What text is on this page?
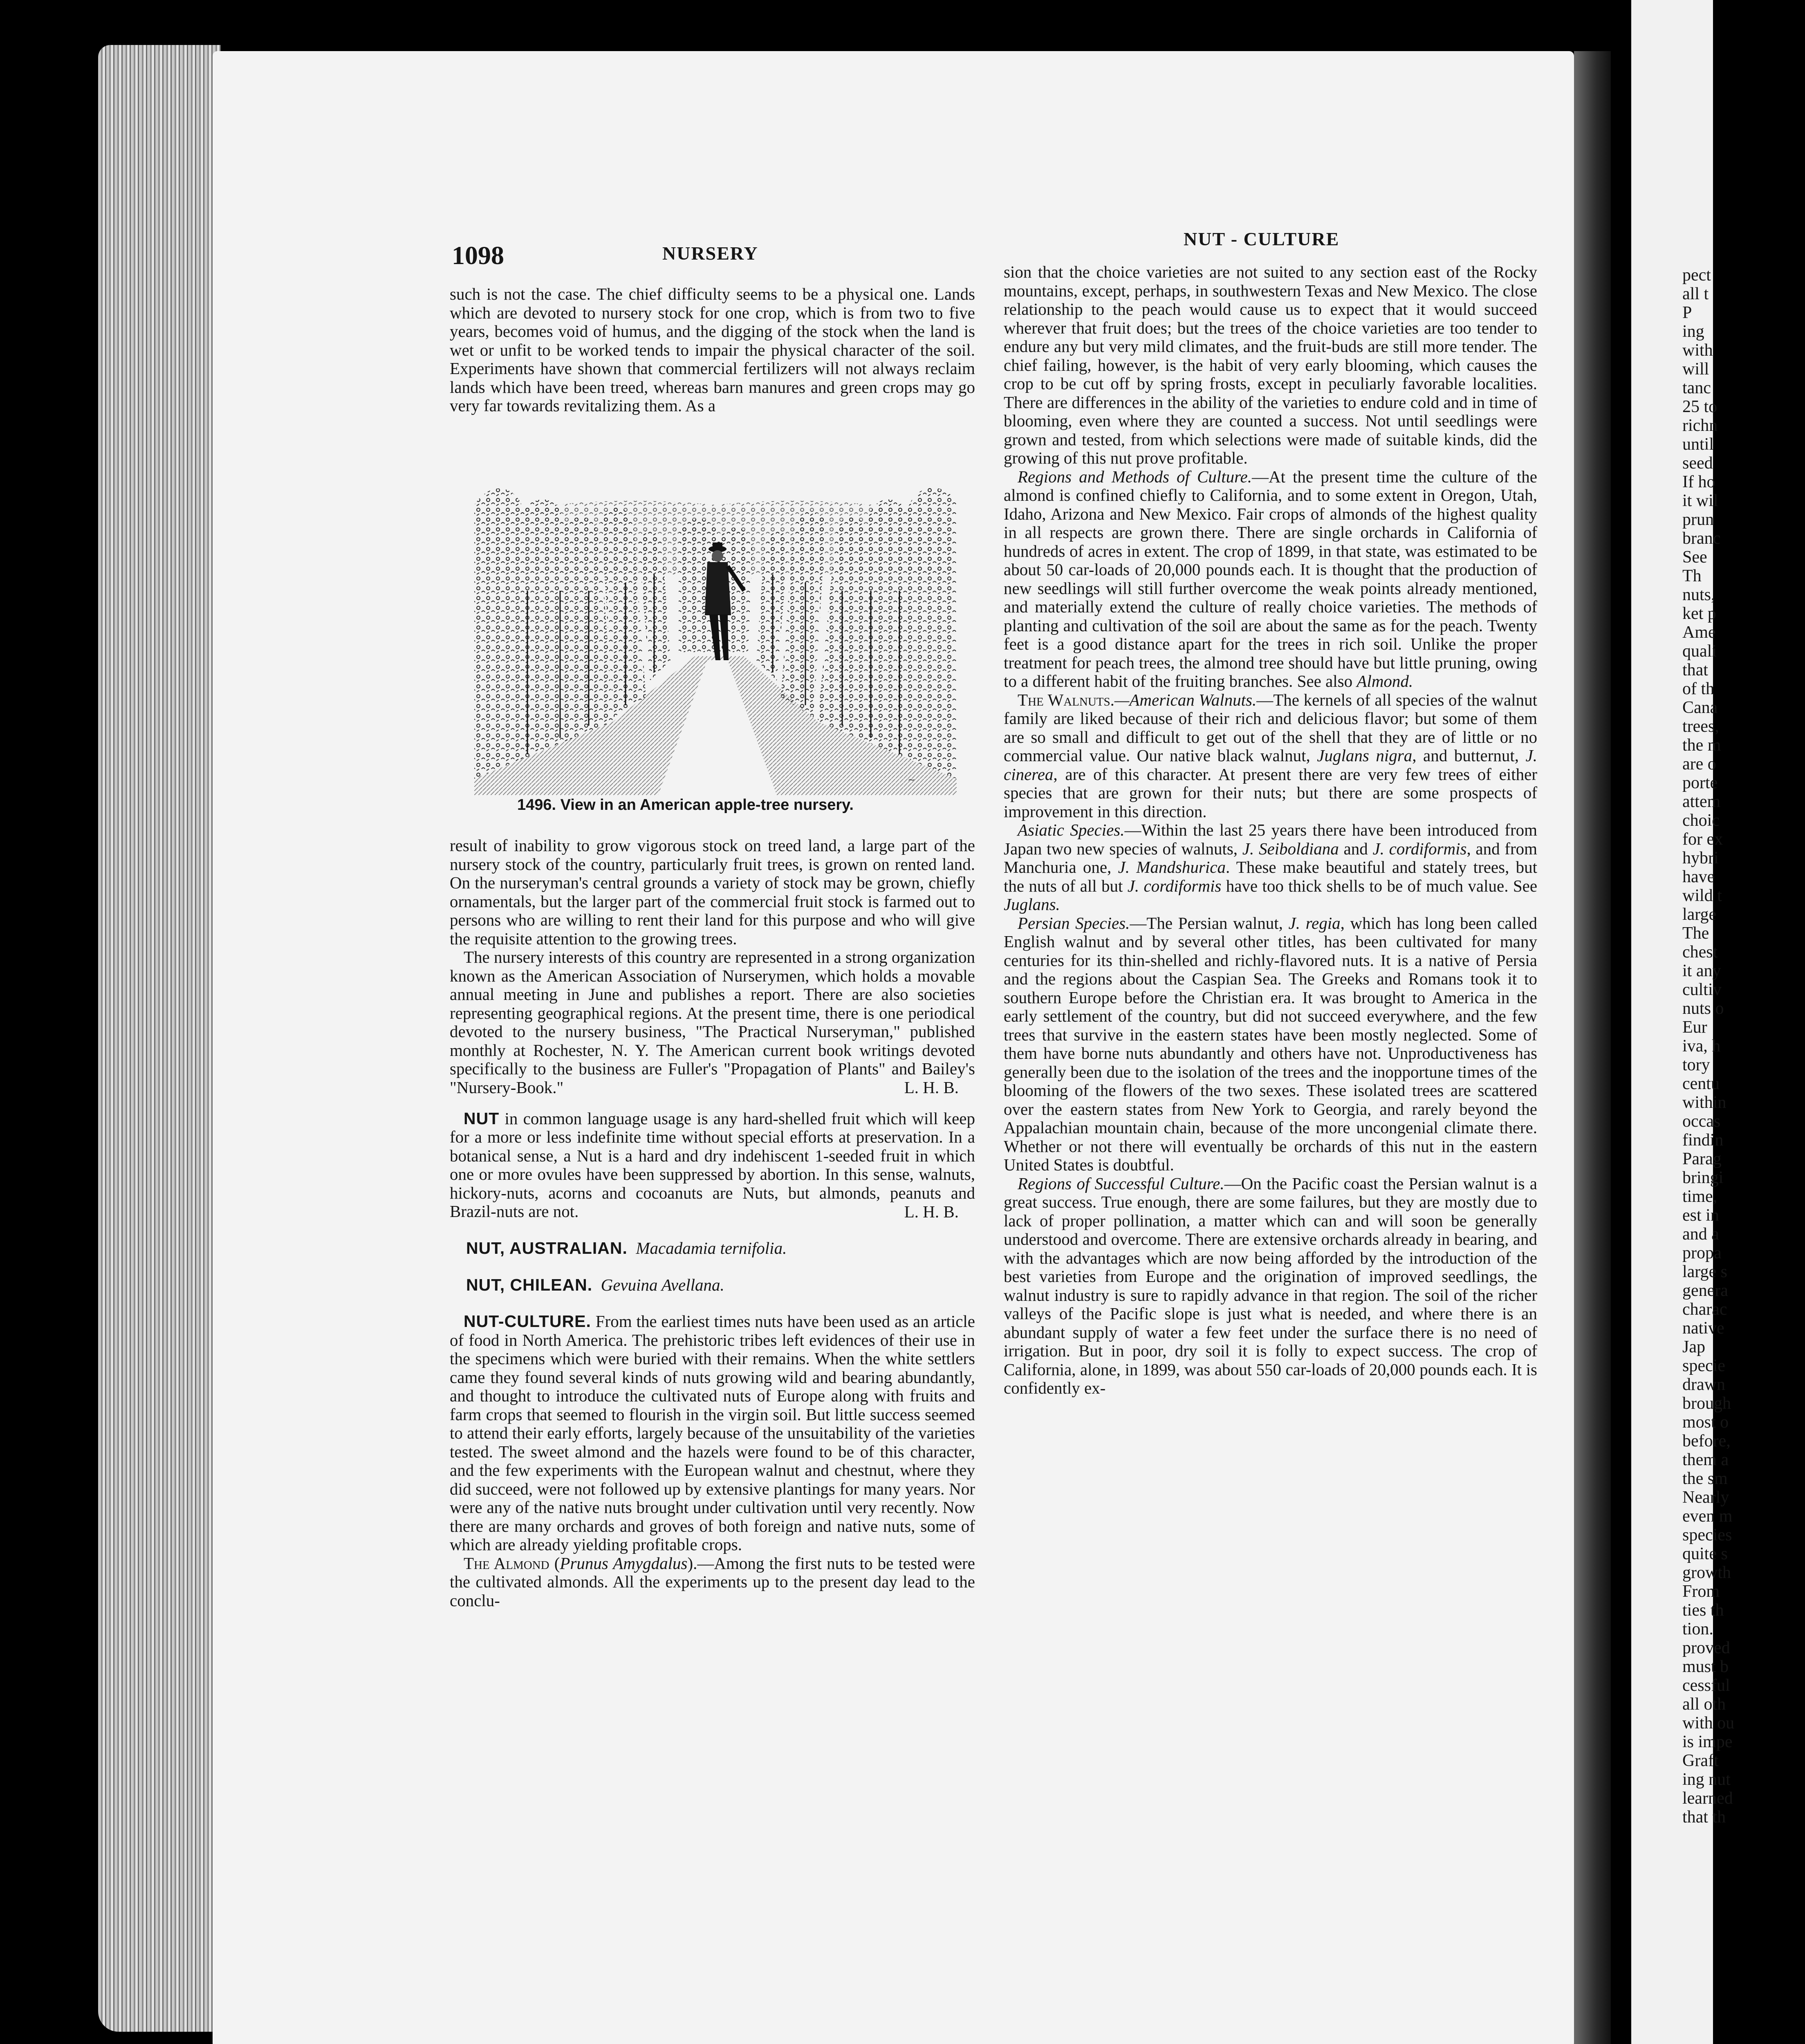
pect
all t
P
ing
with
will
tanc
25 to
richn
until
seed
If ho
it wil
prun
branc
See
Th
nuts,
ket p
Ame
quali
that
of th
Cana
trees,
the m
are o
porte
attem
choic
for ex
hybri
have
wild t
large
The
chest
it any
cultiv
nuts o
Eur
iva, h
tory
centu
within
occas
findin
Parag
bringi
time,
est in
and a
propa
large s
genera
charac
native
Jap
specie
drawn
brough
most o
before,
them a
the sm
Nearly
even m
species
quite s
growth
From
ties th
tion.
proved
must b
cessful
all oth
with ou
is impe
Graft
ing nut
learned
that th
1098	NURSERY
NUT - CULTURE

such is not the case. The chief difficulty seems to be a physical one. Lands which are devoted to nursery stock for one crop, which is from two to five years, becomes void of humus, and the digging of the stock when the land is wet or unfit to be worked tends to impair the physical character of the soil. Experiments have shown that commercial fertilizers will not always reclaim lands which have been treed, whereas barn manures and green crops may go very far towards revitalizing them. As a

~
1496. View in an American apple-tree nursery.

result of inability to grow vigorous stock on treed land, a large part of the nursery stock of the country, particularly fruit trees, is grown on rented land. On the nurseryman's central grounds a variety of stock may be grown, chiefly ornamentals, but the larger part of the commercial fruit stock is farmed out to persons who are willing to rent their land for this purpose and who will give the requisite attention to the growing trees.

The nursery interests of this country are represented in a strong organization known as the American Association of Nurserymen, which holds a movable annual meeting in June and publishes a report. There are also societies representing geographical regions. At the present time, there is one periodical devoted to the nursery business, "The Practical Nurseryman," published monthly at Rochester, N. Y. The American current book writings devoted specifically to the business are Fuller's "Propagation of Plants" and Bailey's "Nursery-Book."	L. H. B.

NUT in common language usage is any hard-shelled fruit which will keep for a more or less indefinite time without special efforts at preservation. In a botanical sense, a Nut is a hard and dry indehiscent 1-seeded fruit in which one or more ovules have been suppressed by abortion. In this sense, walnuts, hickory-nuts, acorns and cocoanuts are Nuts, but almonds, peanuts and Brazil-nuts are not.	L. H. B.

NUT, AUSTRALIAN. Macadamia ternifolia.

NUT, CHILEAN. Gevuina Avellana.

NUT-CULTURE. From the earliest times nuts have been used as an article of food in North America. The prehistoric tribes left evidences of their use in the specimens which were buried with their remains. When the white settlers came they found several kinds of nuts growing wild and bearing abundantly, and thought to introduce the cultivated nuts of Europe along with fruits and farm crops that seemed to flourish in the virgin soil. But little success seemed to attend their early efforts, largely because of the unsuitability of the varieties tested. The sweet almond and the hazels were found to be of this character, and the few experiments with the European walnut and chestnut, where they did succeed, were not followed up by extensive plantings for many years. Nor were any of the native nuts brought under cultivation until very recently. Now there are many orchards and groves of both foreign and native nuts, some of which are already yielding profitable crops.

The Almond (Prunus Amygdalus).—Among the first nuts to be tested were the cultivated almonds. All the experiments up to the present day lead to the conclu-

sion that the choice varieties are not suited to any section east of the Rocky mountains, except, perhaps, in southwestern Texas and New Mexico. The close relationship to the peach would cause us to expect that it would succeed wherever that fruit does; but the trees of the choice varieties are too tender to endure any but very mild climates, and the fruit-buds are still more tender. The chief failing, however, is the habit of very early blooming, which causes the crop to be cut off by spring frosts, except in peculiarly favorable localities. There are differences in the ability of the varieties to endure cold and in time of blooming, even where they are counted a success. Not until seedlings were grown and tested, from which selections were made of suitable kinds, did the growing of this nut prove profitable.

Regions and Methods of Culture.—At the present time the culture of the almond is confined chiefly to California, and to some extent in Oregon, Utah, Idaho, Arizona and New Mexico. Fair crops of almonds of the highest quality in all respects are grown there. There are single orchards in California of hundreds of acres in extent. The crop of 1899, in that state, was estimated to be about 50 car-loads of 20,000 pounds each. It is thought that the production of new seedlings will still further overcome the weak points already mentioned, and materially extend the culture of really choice varieties. The methods of planting and cultivation of the soil are about the same as for the peach. Twenty feet is a good distance apart for the trees in rich soil. Unlike the proper treatment for peach trees, the almond tree should have but little pruning, owing to a different habit of the fruiting branches. See also Almond.

The Walnuts.—American Walnuts.—The kernels of all species of the walnut family are liked because of their rich and delicious flavor; but some of them are so small and difficult to get out of the shell that they are of little or no commercial value. Our native black walnut, Juglans nigra, and butternut, J. cinerea, are of this character. At present there are very few trees of either species that are grown for their nuts; but there are some prospects of improvement in this direction.

Asiatic Species.—Within the last 25 years there have been introduced from Japan two new species of walnuts, J. Seiboldiana and J. cordiformis, and from Manchuria one, J. Mandshurica. These make beautiful and stately trees, but the nuts of all but J. cordiformis have too thick shells to be of much value. See Juglans.

Persian Species.—The Persian walnut, J. regia, which has long been called English walnut and by several other titles, has been cultivated for many centuries for its thin-shelled and richly-flavored nuts. It is a native of Persia and the regions about the Caspian Sea. The Greeks and Romans took it to southern Europe before the Christian era. It was brought to America in the early settlement of the country, but did not succeed everywhere, and the few trees that survive in the eastern states have been mostly neglected. Some of them have borne nuts abundantly and others have not. Unproductiveness has generally been due to the isolation of the trees and the inopportune times of the blooming of the flowers of the two sexes. These isolated trees are scattered over the eastern states from New York to Georgia, and rarely beyond the Appalachian mountain chain, because of the more uncongenial climate there. Whether or not there will eventually be orchards of this nut in the eastern United States is doubtful.

Regions of Successful Culture.—On the Pacific coast the Persian walnut is a great success. True enough, there are some failures, but they are mostly due to lack of proper pollination, a matter which can and will soon be generally understood and overcome. There are extensive orchards already in bearing, and with the advantages which are now being afforded by the introduction of the best varieties from Europe and the origination of improved seedlings, the walnut industry is sure to rapidly advance in that region. The soil of the richer valleys of the Pacific slope is just what is needed, and where there is an abundant supply of water a few feet under the surface there is no need of irrigation. But in poor, dry soil it is folly to expect success. The crop of California, alone, in 1899, was about 550 car-loads of 20,000 pounds each. It is confidently ex-
